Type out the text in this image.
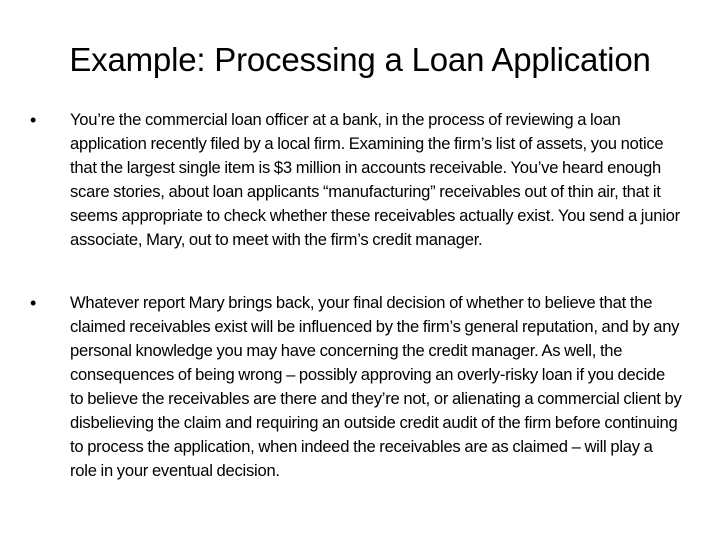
Example: Processing a Loan Application
• You’re the commercial loan officer at a bank, in the process of reviewing a loan application recently filed by a local firm. Examining the firm’s list of assets, you notice that the largest single item is $3 million in accounts receivable. You’ve heard enough scare stories, about loan applicants “manufacturing” receivables out of thin air, that it seems appropriate to check whether these receivables actually exist. You send a junior associate, Mary, out to meet with the firm’s credit manager.

• Whatever report Mary brings back, your final decision of whether to believe that the claimed receivables exist will be influenced by the firm’s general reputation, and by any personal knowledge you may have concerning the credit manager. As well, the consequences of being wrong – possibly approving an overly-risky loan if you decide to believe the receivables are there and they’re not, or alienating a commercial client by disbelieving the claim and requiring an outside credit audit of the firm before continuing to process the application, when indeed the receivables are as claimed – will play a role in your eventual decision.
